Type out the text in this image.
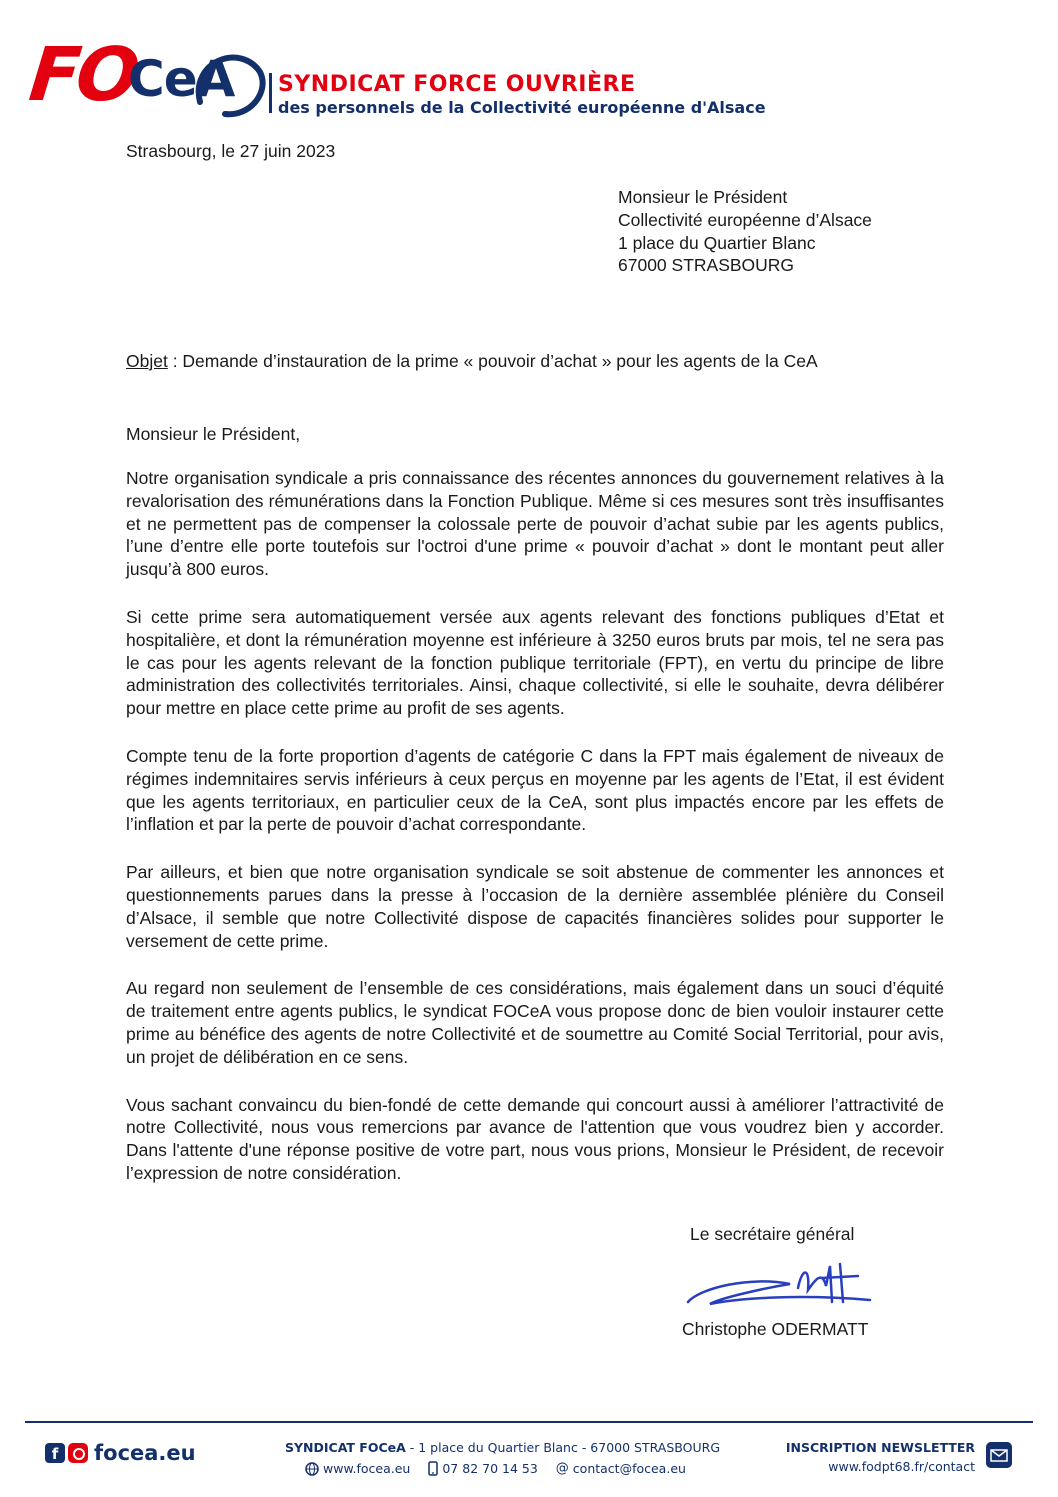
FO
CeA SYNDICAT FORCE OUVRIÈRE
des personnels de la Collectivité européenne d'Alsace
Strasbourg, le 27 juin 2023
Monsieur le Président
Collectivité européenne d’Alsace
1 place du Quartier Blanc
67000 STRASBOURG
Objet : Demande d’instauration de la prime « pouvoir d’achat » pour les agents de la CeA
Monsieur le Président,

Notre organisation syndicale a pris connaissance des récentes annonces du gouvernement relatives à la revalorisation des rémunérations dans la Fonction Publique. Même si ces mesures sont très insuffisantes et ne permettent pas de compenser la colossale perte de pouvoir d’achat subie par les agents publics, l’une d’entre elle porte toutefois sur l'octroi d'une prime « pouvoir d’achat » dont le montant peut aller jusqu’à 800 euros.

Si cette prime sera automatiquement versée aux agents relevant des fonctions publiques d’Etat et hospitalière, et dont la rémunération moyenne est inférieure à 3250 euros bruts par mois, tel ne sera pas le cas pour les agents relevant de la fonction publique territoriale (FPT), en vertu du principe de libre administration des collectivités territoriales. Ainsi, chaque collectivité, si elle le souhaite, devra délibérer pour mettre en place cette prime au profit de ses agents.

Compte tenu de la forte proportion d’agents de catégorie C dans la FPT mais également de niveaux de régimes indemnitaires servis inférieurs à ceux perçus en moyenne par les agents de l’Etat, il est évident que les agents territoriaux, en particulier ceux de la CeA, sont plus impactés encore par les effets de l’inflation et par la perte de pouvoir d’achat correspondante.

Par ailleurs, et bien que notre organisation syndicale se soit abstenue de commenter les annonces et questionnements parues dans la presse à l’occasion de la dernière assemblée plénière du Conseil d’Alsace, il semble que notre Collectivité dispose de capacités financières solides pour supporter le versement de cette prime.

Au regard non seulement de l’ensemble de ces considérations, mais également dans un souci d’équité de traitement entre agents publics, le syndicat FOCeA vous propose donc de bien vouloir instaurer cette prime au bénéfice des agents de notre Collectivité et de soumettre au Comité Social Territorial, pour avis, un projet de délibération en ce sens.

Vous sachant convaincu du bien-fondé de cette demande qui concourt aussi à améliorer l’attractivité de notre Collectivité, nous vous remercions par avance de l'attention que vous voudrez bien y accorder. Dans l'attente d'une réponse positive de votre part, nous vous prions, Monsieur le Président, de recevoir l’expression de notre considération.

Le secrétaire général
Christophe ODERMATT
f	focea.eu	SYNDICAT FOCeA - 1 place du Quartier Blanc - 67000 STRASBOURG
www.focea.eu	07 82 70 14 53 @ contact@focea.eu
INSCRIPTION NEWSLETTER
www.fodpt68.fr/contact
